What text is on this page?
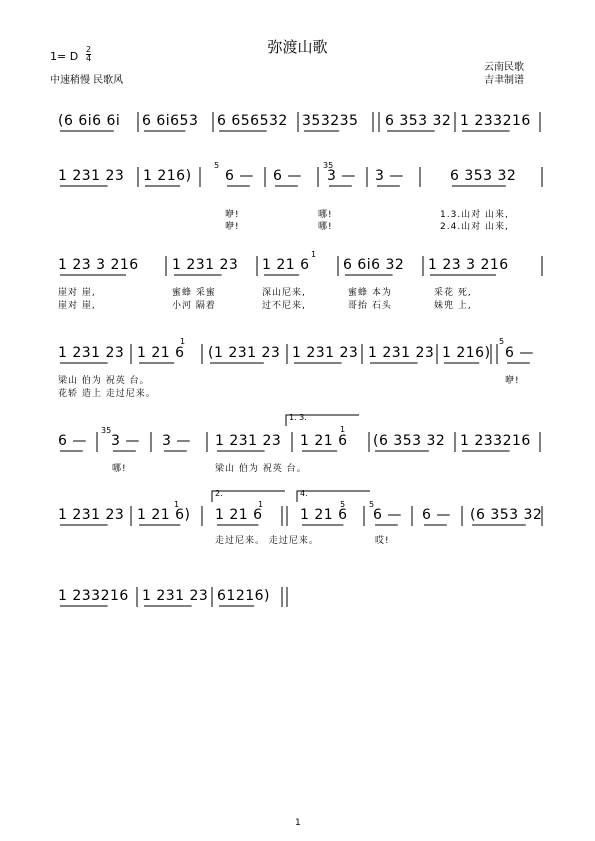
弥渡山歌
1= D $\frac{2}{4}$
中速稍慢 民歌风
云南民歌
吉聿制谱
(6 6i6 6i 6 6i653 6 656532 353235 6 353 32 1 233216
1 231 23 1 216) 6 — 6 — 3 — 3 —	6 353 32
5	35
1 23 3 216 1 231 23 1 21 6 6 6i6 32 1 23 3 216
1
1 231 23 1 21 6 (1 231 23 1 231 23 1 231 23 1 216) 6 —
1	5
6 — 3 — 3 — 1 231 23 1 21 6 (6 353 32 1 233216
35	1
1 231 23 1 21 6) 1 21 6	1 21 6 6 — 6 — (6 353 32
1	1	5	5
1 233216 1 231 23 61216)
咿!	哪!	1.3.山对 山来,
咿!	哪!	2.4.山对 山来,
崖对 崖,	蜜蜂 采蜜	深山尼来,	蜜蜂 本为	采花 死,
崖对 崖,	小河 隔着	过不尼来,	哥抬 石头	妹兜 上,
梁山 伯为 祝英 台。	咿!
花轿 造上 走过尼来。
哪!	梁山 伯为 祝英 台。
走过尼来。 走过尼来。	哎!
1. 3.
2.	4.
1
